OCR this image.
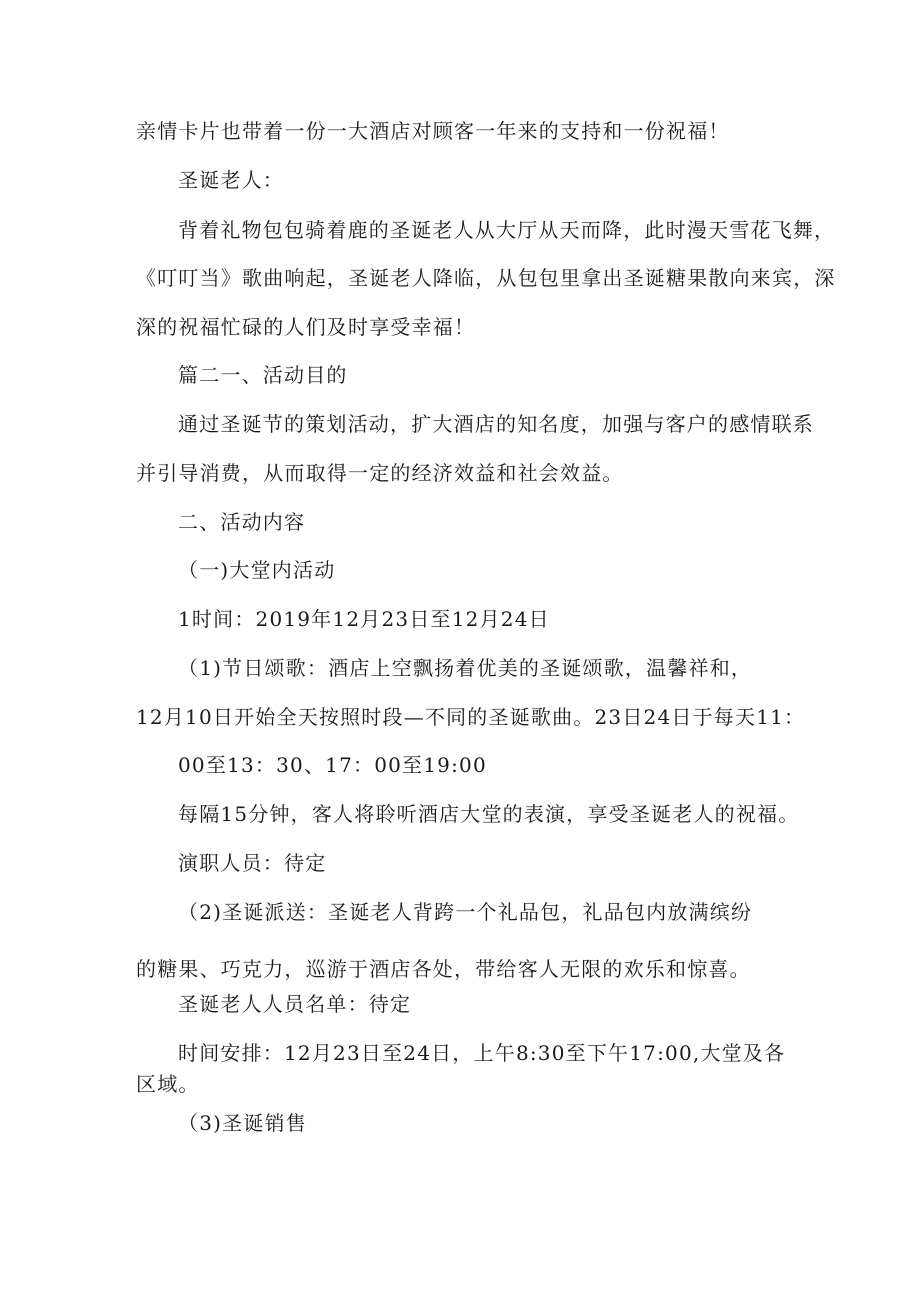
亲情卡片也带着一份一大酒店对顾客一年来的支持和一份祝福！
圣诞老人：
背着礼物包包骑着鹿的圣诞老人从大厅从天而降，此时漫天雪花飞舞，
《叮叮当》歌曲响起，圣诞老人降临，从包包里拿出圣诞糖果散向来宾，深
深的祝福忙碌的人们及时享受幸福！
篇二一、活动目的
通过圣诞节的策划活动，扩大酒店的知名度，加强与客户的感情联系
并引导消费，从而取得一定的经济效益和社会效益。
二、活动内容
（一)大堂内活动
1时间：2019年12月23日至12月24日
（1)节日颂歌：酒店上空飘扬着优美的圣诞颂歌，温馨祥和，
12月10日开始全天按照时段—不同的圣诞歌曲。23日24日于每天11：
00至13：30、17：00至19:00
每隔15分钟，客人将聆听酒店大堂的表演，享受圣诞老人的祝福。
演职人员：待定
（2)圣诞派送：圣诞老人背跨一个礼品包，礼品包内放满缤纷
的糖果、巧克力，巡游于酒店各处，带给客人无限的欢乐和惊喜。
圣诞老人人员名单：待定
时间安排：12月23日至24日，上午8:30至下午17:00,大堂及各
区域。
（3)圣诞销售
